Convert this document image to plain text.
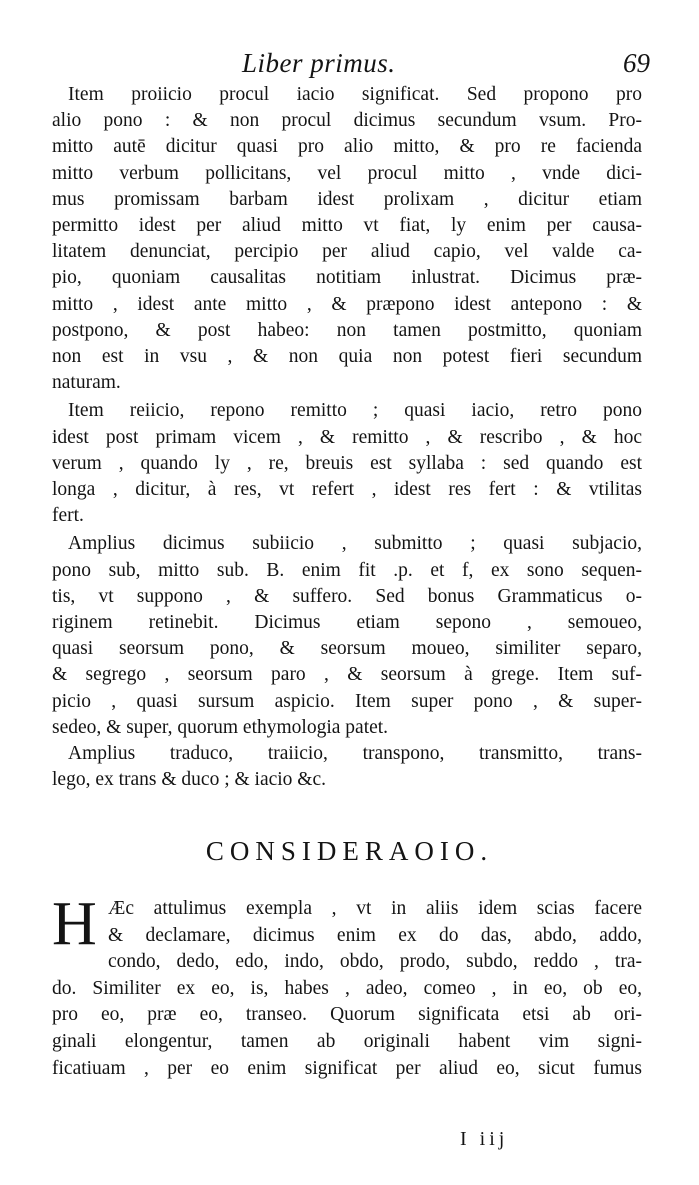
Liber primus.	69
Item proiicio procul iacio significat. Sed propono pro
alio pono : & non procul dicimus secundum vsum. Pro-
mitto autē dicitur quasi pro alio mitto, & pro re facienda
mitto verbum pollicitans, vel procul mitto , vnde dici-
mus promissam barbam idest prolixam , dicitur etiam
permitto idest per aliud mitto vt fiat, ly enim per causa-
litatem denunciat, percipio per aliud capio, vel valde ca-
pio, quoniam causalitas notitiam inlustrat. Dicimus præ-
mitto , idest ante mitto , & præpono idest antepono : &
postpono, & post habeo: non tamen postmitto, quoniam
non est in vsu , & non quia non potest fieri secundum
naturam.
Item reiicio, repono remitto ; quasi iacio, retro pono
idest post primam vicem , & remitto , & rescribo , & hoc
verum , quando ly , re, breuis est syllaba : sed quando est
longa , dicitur, à res, vt refert , idest res fert : & vtilitas
fert.
Amplius dicimus subiicio , submitto ; quasi subjacio,
pono sub, mitto sub. B. enim fit .p. et f, ex sono sequen-
tis, vt suppono , & suffero. Sed bonus Grammaticus o-
riginem retinebit. Dicimus etiam sepono , semoueo,
quasi seorsum pono, & seorsum moueo, similiter separo,
& segrego , seorsum paro , & seorsum à grege. Item suf-
picio , quasi sursum aspicio. Item super pono , & super-
sedeo, & super, quorum ethymologia patet.
Amplius traduco, traiicio, transpono, transmitto, trans-
lego, ex trans & duco ; & iacio &c.
CONSIDERAOIO.
H Æc attulimus exempla , vt in aliis idem scias facere
& declamare, dicimus enim ex do das, abdo, addo,
condo, dedo, edo, indo, obdo, prodo, subdo, reddo , tra-
do. Similiter ex eo, is, habes , adeo, comeo , in eo, ob eo,
pro eo, præ eo, transeo. Quorum significata etsi ab ori-
ginali elongentur, tamen ab originali habent vim signi-
ficatiuam , per eo enim significat per aliud eo, sicut fumus
I iij
